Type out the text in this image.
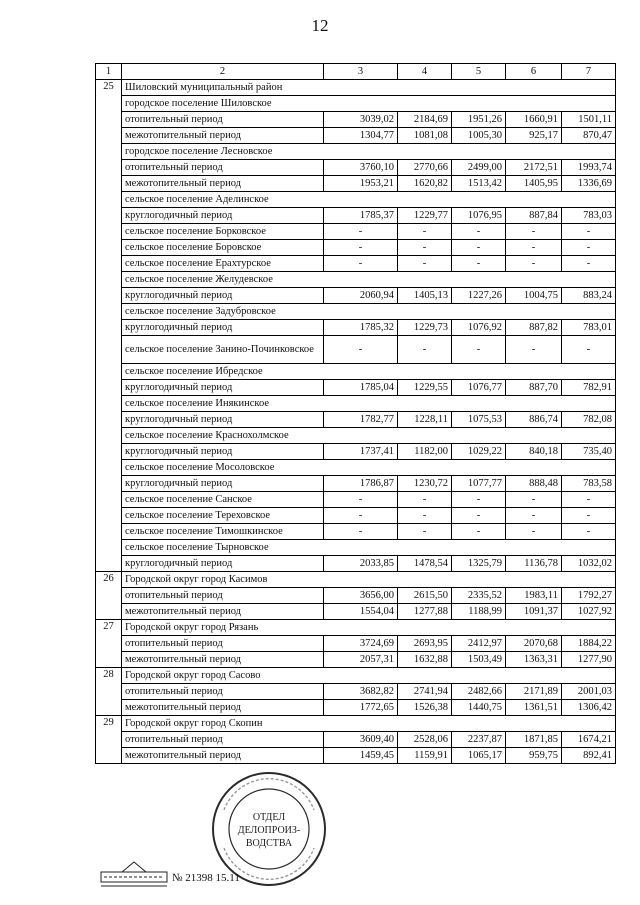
12
1	2	3	4	5	6	7
25	Шиловский муниципальный район					
	городское поселение Шиловское					
	отопительный период	3039,02	2184,69	1951,26	1660,91	1501,11
	межотопительный период	1304,77	1081,08	1005,30	925,17	870,47
	городское поселение Лесновское					
	отопительный период	3760,10	2770,66	2499,00	2172,51	1993,74
	межотопительный период	1953,21	1620,82	1513,42	1405,95	1336,69
	сельское поселение Аделинское					
	круглогодичный период	1785,37	1229,77	1076,95	887,84	783,03
	сельское поселение Борковское	-	-	-	-	-
	сельское поселение Боровское	-	-	-	-	-
	сельское поселение Ерахтурское	-	-	-	-	-
	сельское поселение Желудевское					
	круглогодичный период	2060,94	1405,13	1227,26	1004,75	883,24
	сельское поселение Задубровское					
	круглогодичный период	1785,32	1229,73	1076,92	887,82	783,01
	сельское поселение Занино-Починковское	-	-	-	-	-
	сельское поселение Ибредское					
	круглогодичный период	1785,04	1229,55	1076,77	887,70	782,91
	сельское поселение Инякинское					
	круглогодичный период	1782,77	1228,11	1075,53	886,74	782,08
	сельское поселение Краснохолмское					
	круглогодичный период	1737,41	1182,00	1029,22	840,18	735,40
	сельское поселение Мосоловское					
	круглогодичный период	1786,87	1230,72	1077,77	888,48	783,58
	сельское поселение Санское	-	-	-	-	-
	сельское поселение Тереховское	-	-	-	-	-
	сельское поселение Тимошкинское	-	-	-	-	-
	сельское поселение Тырновское					
	круглогодичный период	2033,85	1478,54	1325,79	1136,78	1032,02
26	Городской округ город Касимов					
	отопительный период	3656,00	2615,50	2335,52	1983,11	1792,27
	межотопительный период	1554,04	1277,88	1188,99	1091,37	1027,92
27	Городской округ город Рязань					
	отопительный период	3724,69	2693,95	2412,97	2070,68	1884,22
	межотопительный период	2057,31	1632,88	1503,49	1363,31	1277,90
28	Городской округ город Сасово					
	отопительный период	3682,82	2741,94	2482,66	2171,89	2001,03
	межотопительный период	1772,65	1526,38	1440,75	1361,51	1306,42
29	Городской округ город Скопин					
	отопительный период	3609,40	2528,06	2237,87	1871,85	1674,21
	межотопительный период	1459,45	1159,91	1065,17	959,75	892,41
ОТДЕЛ
ДЕЛОПРОИЗ-
ВОДСТВА
№ 21398 15.11
